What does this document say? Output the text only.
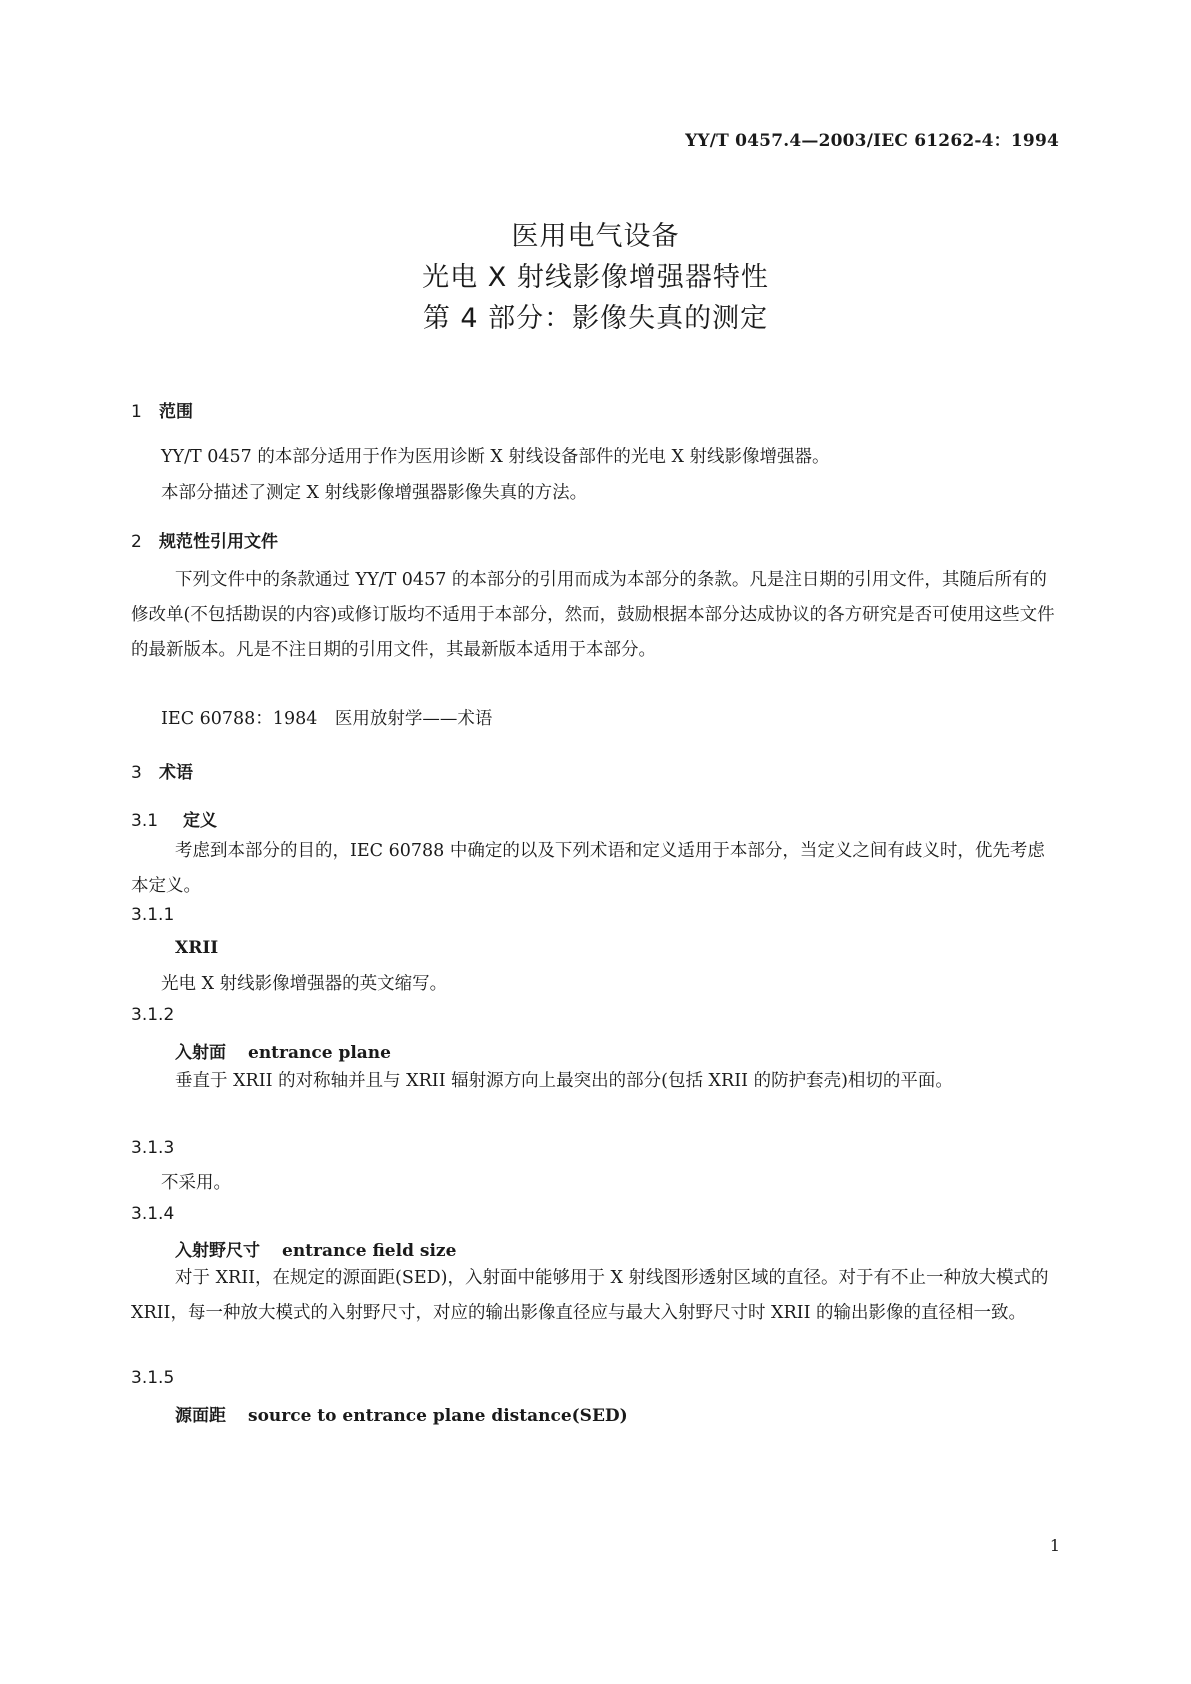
YY/T 0457.4—2003/IEC 61262-4：1994
医用电气设备
光电 X 射线影像增强器特性
第 4 部分：影像失真的测定
1 范围
YY/T 0457 的本部分适用于作为医用诊断 X 射线设备部件的光电 X 射线影像增强器。
本部分描述了测定 X 射线影像增强器影像失真的方法。
2 规范性引用文件
下列文件中的条款通过 YY/T 0457 的本部分的引用而成为本部分的条款。凡是注日期的引用文件，其随后所有的修改单(不包括勘误的内容)或修订版均不适用于本部分，然而，鼓励根据本部分达成协议的各方研究是否可使用这些文件的最新版本。凡是不注日期的引用文件，其最新版本适用于本部分。
IEC 60788：1984　医用放射学——术语
3 术语
3.1 定义
考虑到本部分的目的，IEC 60788 中确定的以及下列术语和定义适用于本部分，当定义之间有歧义时，优先考虑本定义。
3.1.1
XRII
光电 X 射线影像增强器的英文缩写。
3.1.2
入射面 entrance plane
垂直于 XRII 的对称轴并且与 XRII 辐射源方向上最突出的部分(包括 XRII 的防护套壳)相切的平面。
3.1.3
不采用。
3.1.4
入射野尺寸 entrance field size
对于 XRII，在规定的源面距(SED)，入射面中能够用于 X 射线图形透射区域的直径。对于有不止一种放大模式的 XRII，每一种放大模式的入射野尺寸，对应的输出影像直径应与最大入射野尺寸时 XRII 的输出影像的直径相一致。
3.1.5
源面距 source to entrance plane distance(SED)
1
